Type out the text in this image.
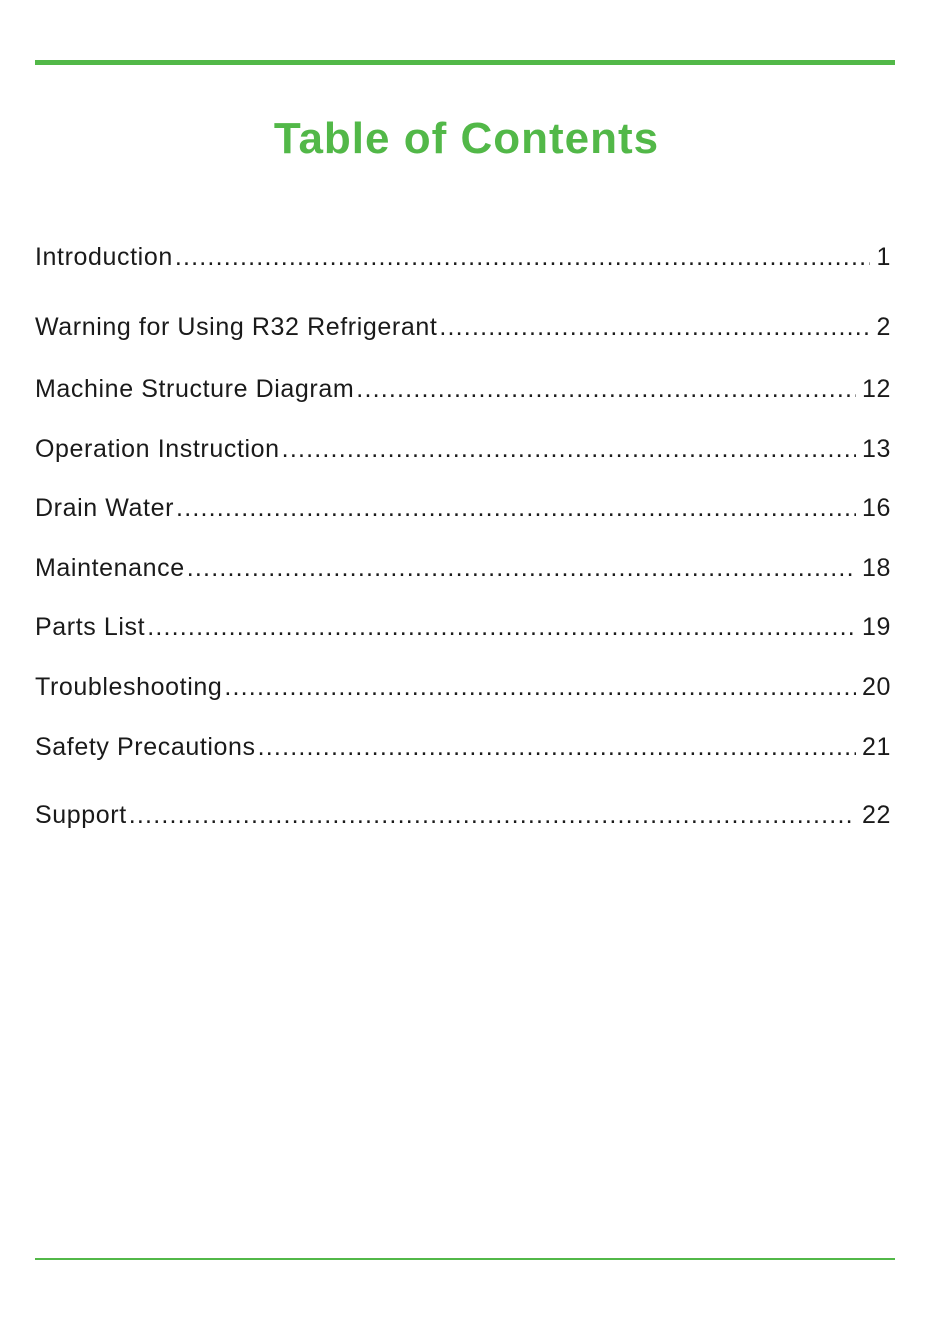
Table of Contents
Introduction .....	1
Warning for Using R32 Refrigerant .....	2
Machine Structure Diagram .....	12
Operation Instruction .....	13
Drain Water .....	16
Maintenance .....	18
Parts List .....	19
Troubleshooting .....	20
Safety Precautions .....	21
Support .....	22
